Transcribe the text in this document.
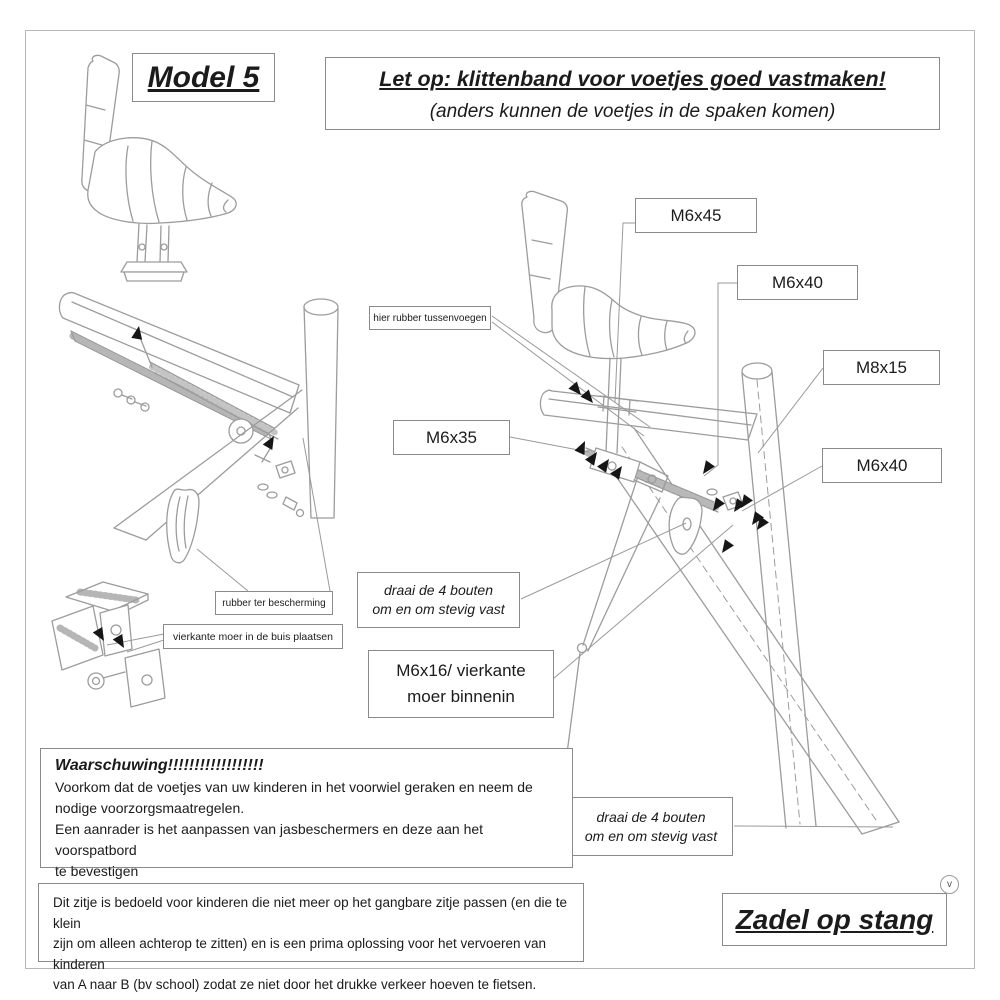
Model 5	Let op: klittenband voor voetjes goed vastmaken!
(anders kunnen de voetjes in de spaken komen)
M6x45
M6x40
M8x15
M6x35
M6x40
hier rubber tussenvoegen
rubber ter bescherming
vierkante moer in de buis plaatsen
draai de 4 bouten
om en om stevig vast
M6x16/ vierkante
moer binnenin
draai de 4 bouten
om en om stevig vast
Waarschuwing!!!!!!!!!!!!!!!!!!
Voorkom dat de voetjes van uw kinderen in het voorwiel geraken en neem de
nodige voorzorgsmaatregelen.
Een aanrader is het aanpassen van jasbeschermers en deze aan het voorspatbord
te bevestigen
Dit zitje is bedoeld voor kinderen die niet meer op het gangbare zitje passen (en die te klein
zijn om alleen achterop te zitten) en is een prima oplossing voor het vervoeren van kinderen
van A naar B (bv school) zodat ze niet door het drukke verkeer hoeven te fietsen.
Zadel op stang
v
